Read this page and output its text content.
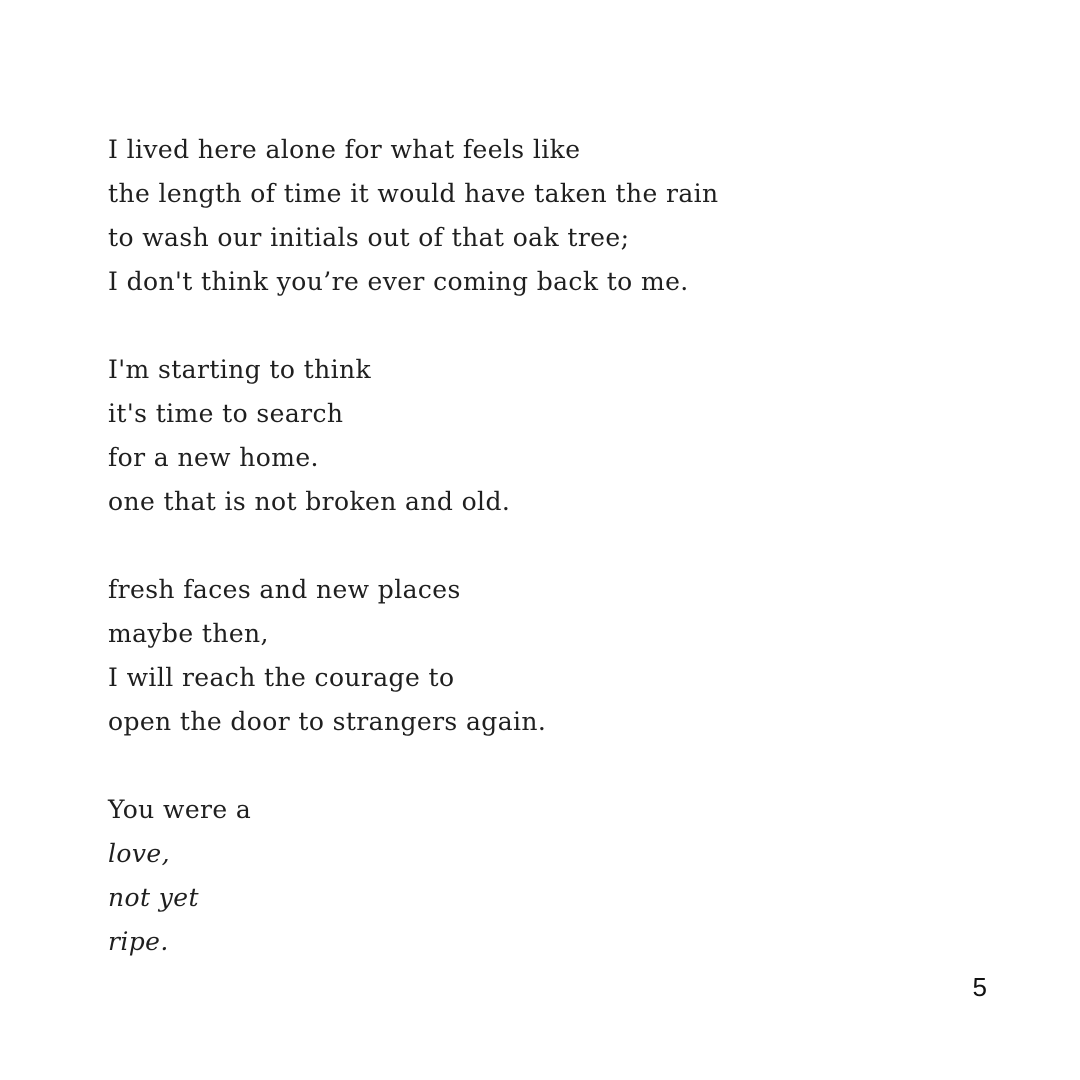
I lived here alone for what feels like
the length of time it would have taken the rain
to wash our initials out of that oak tree;
I don't think you’re ever coming back to me.
I'm starting to think
it's time to search
for a new home.
one that is not broken and old.
fresh faces and new places
maybe then,
I will reach the courage to
open the door to strangers again.
You were a
love,
not yet
ripe.
5
